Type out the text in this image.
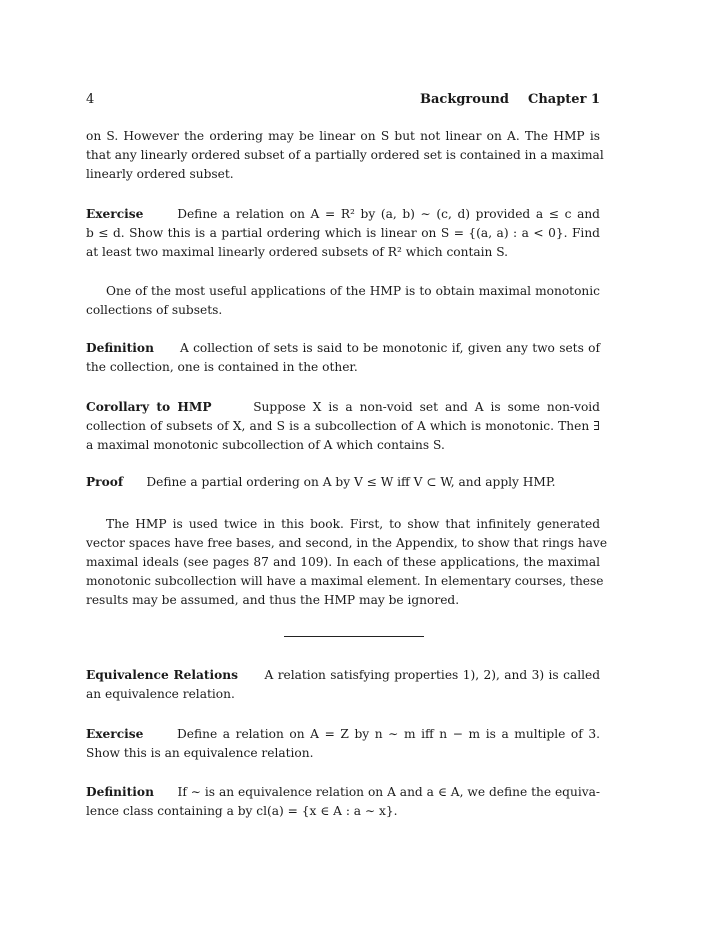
4	Background Chapter 1
on S. However the ordering may be linear on S but not linear on A. The HMP is
that any linearly ordered subset of a partially ordered set is contained in a maximal
linearly ordered subset.
Exercise	Define a relation on A = R² by (a, b) ∼ (c, d) provided a ≤ c and
b ≤ d. Show this is a partial ordering which is linear on S = {(a, a) : a < 0}. Find
at least two maximal linearly ordered subsets of R² which contain S.
One of the most useful applications of the HMP is to obtain maximal monotonic
collections of subsets.
Definition A collection of sets is said to be monotonic if, given any two sets of
the collection, one is contained in the other.
Corollary to HMP	Suppose X is a non-void set and A is some non-void
collection of subsets of X, and S is a subcollection of A which is monotonic. Then ∃
a maximal monotonic subcollection of A which contains S.
Proof Define a partial ordering on A by V ≤ W iff V ⊂ W, and apply HMP.
The HMP is used twice in this book. First, to show that infinitely generated
vector spaces have free bases, and second, in the Appendix, to show that rings have
maximal ideals (see pages 87 and 109). In each of these applications, the maximal
monotonic subcollection will have a maximal element. In elementary courses, these
results may be assumed, and thus the HMP may be ignored.
Equivalence Relations A relation satisfying properties 1), 2), and 3) is called
an equivalence relation.
Exercise	Define a relation on A = Z by n ∼ m iff n − m is a multiple of 3.
Show this is an equivalence relation.
Definition If ∼ is an equivalence relation on A and a ∈ A, we define the equiva-
lence class containing a by cl(a) = {x ∈ A : a ∼ x}.
